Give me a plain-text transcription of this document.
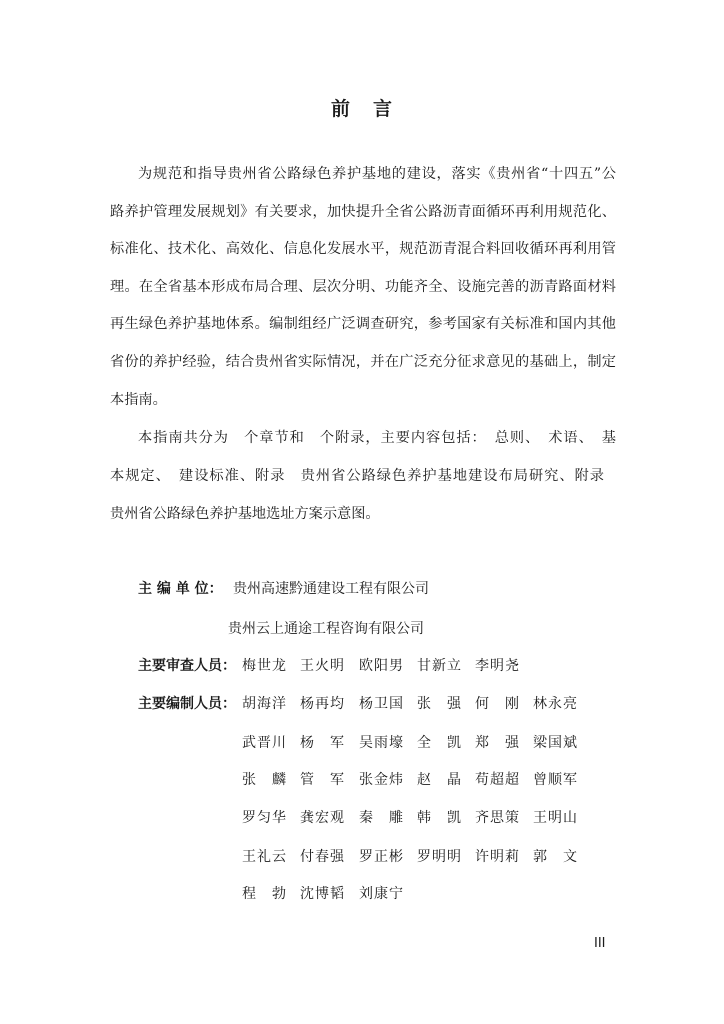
前 言
为规范和指导贵州省公路绿色养护基地的建设，落实《贵州省“十四五”公
路养护管理发展规划》有关要求，加快提升全省公路沥青面循环再利用规范化、
标准化、技术化、高效化、信息化发展水平，规范沥青混合料回收循环再利用管
理。在全省基本形成布局合理、层次分明、功能齐全、设施完善的沥青路面材料
再生绿色养护基地体系。编制组经广泛调查研究，参考国家有关标准和国内其他
省份的养护经验，结合贵州省实际情况，并在广泛充分征求意见的基础上，制定
本指南。
本指南共分为　个章节和　个附录，主要内容包括：　总则、　术语、　基
本规定、　建设标准、附录　贵州省公路绿色养护基地建设布局研究、附录
贵州省公路绿色养护基地选址方案示意图。
主 编 单 位： 贵州高速黔通建设工程有限公司
贵州云上通途工程咨询有限公司
主要审查人员： 梅世龙 王火明 欧阳男 甘新立 李明尧
主要编制人员： 胡海洋 杨再均 杨卫国 张　强 何　刚 林永亮
武晋川 杨　军 吴雨壕 全　凯 郑　强 梁国斌
张　麟 管　军 张金炜 赵　晶 苟超超 曾顺军
罗匀华 龚宏观 秦　雕 韩　凯 齐思策 王明山
王礼云 付春强 罗正彬 罗明明 许明莉 郭　文
程　勃 沈博韬 刘康宁
III
